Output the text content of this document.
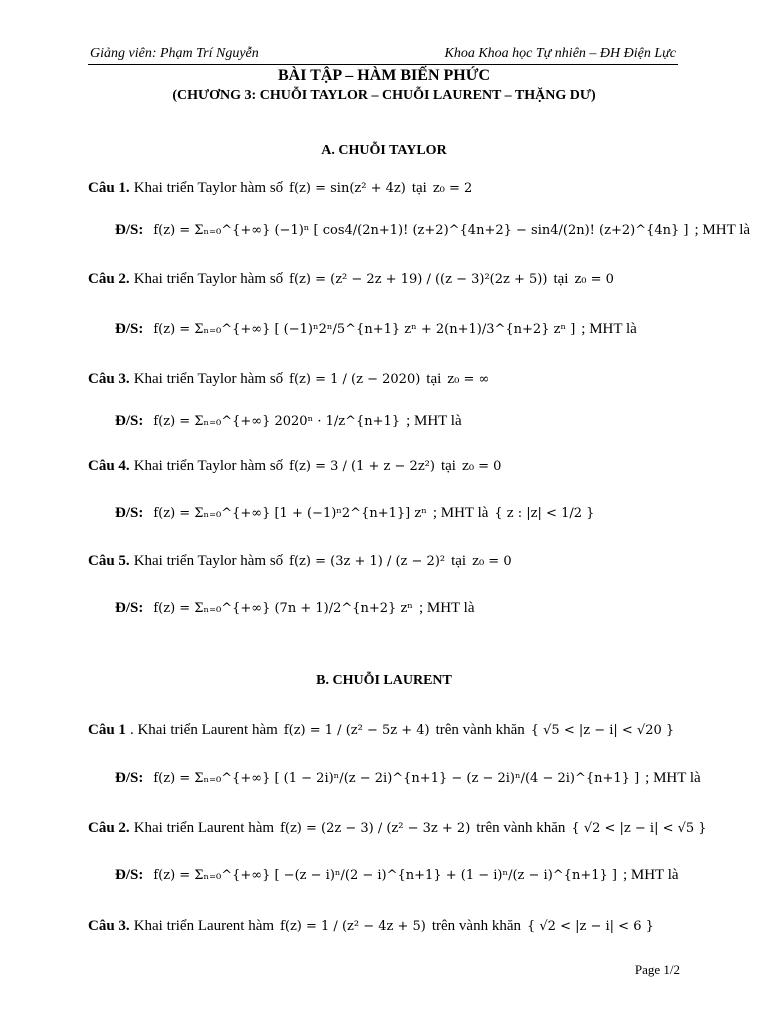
Giảng viên: Phạm Trí Nguyễn	Khoa Khoa học Tự nhiên – ĐH Điện Lực
BÀI TẬP – HÀM BIẾN PHỨC
(CHƯƠNG 3: CHUỖI TAYLOR – CHUỖI LAURENT – THẶNG DƯ)
A. CHUỖI TAYLOR
Câu 1. Khai triển Taylor hàm số f(z) = sin(z² + 4z) tại z₀ = 2
Đ/S: f(z) = Σₙ₌₀^{+∞} (−1)ⁿ [ cos4/(2n+1)! (z+2)^{4n+2} − sin4/(2n)! (z+2)^{4n} ] ; MHT là
Câu 2. Khai triển Taylor hàm số f(z) = (z² − 2z + 19) / ((z − 3)²(2z + 5)) tại z₀ = 0
Đ/S: f(z) = Σₙ₌₀^{+∞} [ (−1)ⁿ2ⁿ/5^{n+1} zⁿ + 2(n+1)/3^{n+2} zⁿ ] ; MHT là
Câu 3. Khai triển Taylor hàm số f(z) = 1 / (z − 2020) tại z₀ = ∞
Đ/S: f(z) = Σₙ₌₀^{+∞} 2020ⁿ · 1/z^{n+1} ; MHT là
Câu 4. Khai triển Taylor hàm số f(z) = 3 / (1 + z − 2z²) tại z₀ = 0
Đ/S: f(z) = Σₙ₌₀^{+∞} [1 + (−1)ⁿ2^{n+1}] zⁿ ; MHT là { z : |z| < 1/2 }
Câu 5. Khai triển Taylor hàm số f(z) = (3z + 1) / (z − 2)² tại z₀ = 0
Đ/S: f(z) = Σₙ₌₀^{+∞} (7n + 1)/2^{n+2} zⁿ ; MHT là
B. CHUỖI LAURENT
Câu 1 . Khai triển Laurent hàm f(z) = 1 / (z² − 5z + 4) trên vành khăn { √5 < |z − i| < √20 }
Đ/S: f(z) = Σₙ₌₀^{+∞} [ (1 − 2i)ⁿ/(z − 2i)^{n+1} − (z − 2i)ⁿ/(4 − 2i)^{n+1} ] ; MHT là
Câu 2. Khai triển Laurent hàm f(z) = (2z − 3) / (z² − 3z + 2) trên vành khăn { √2 < |z − i| < √5 }
Đ/S: f(z) = Σₙ₌₀^{+∞} [ −(z − i)ⁿ/(2 − i)^{n+1} + (1 − i)ⁿ/(z − i)^{n+1} ] ; MHT là
Câu 3. Khai triển Laurent hàm f(z) = 1 / (z² − 4z + 5) trên vành khăn { √2 < |z − i| < 6 }
Page 1/2
